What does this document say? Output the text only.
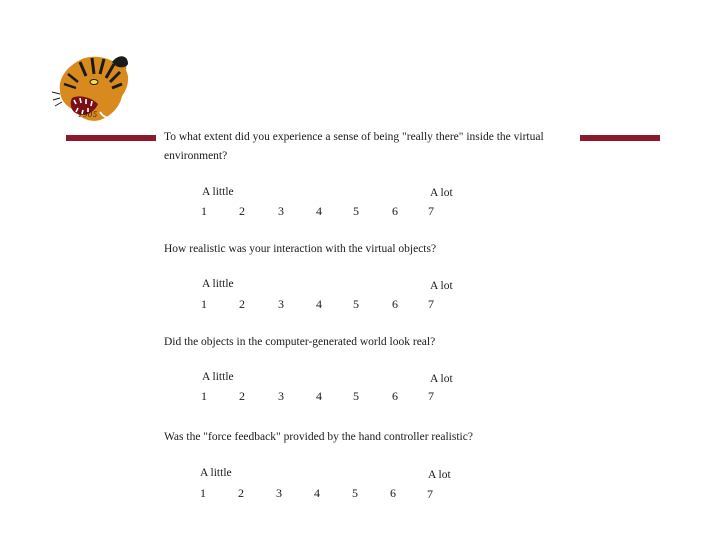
1905
To what extent did you experience a sense of being "really there" inside the virtual environment?
A little	A lot
1	2	3	4	5	6	7
How realistic was your interaction with the virtual objects?
A little	A lot
1	2	3	4	5	6	7
Did the objects in the computer-generated world look real?
A little	A lot
1	2	3	4	5	6	7
Was the "force feedback" provided by the hand controller realistic?
A little	A lot
1	2	3	4	5	6	7
